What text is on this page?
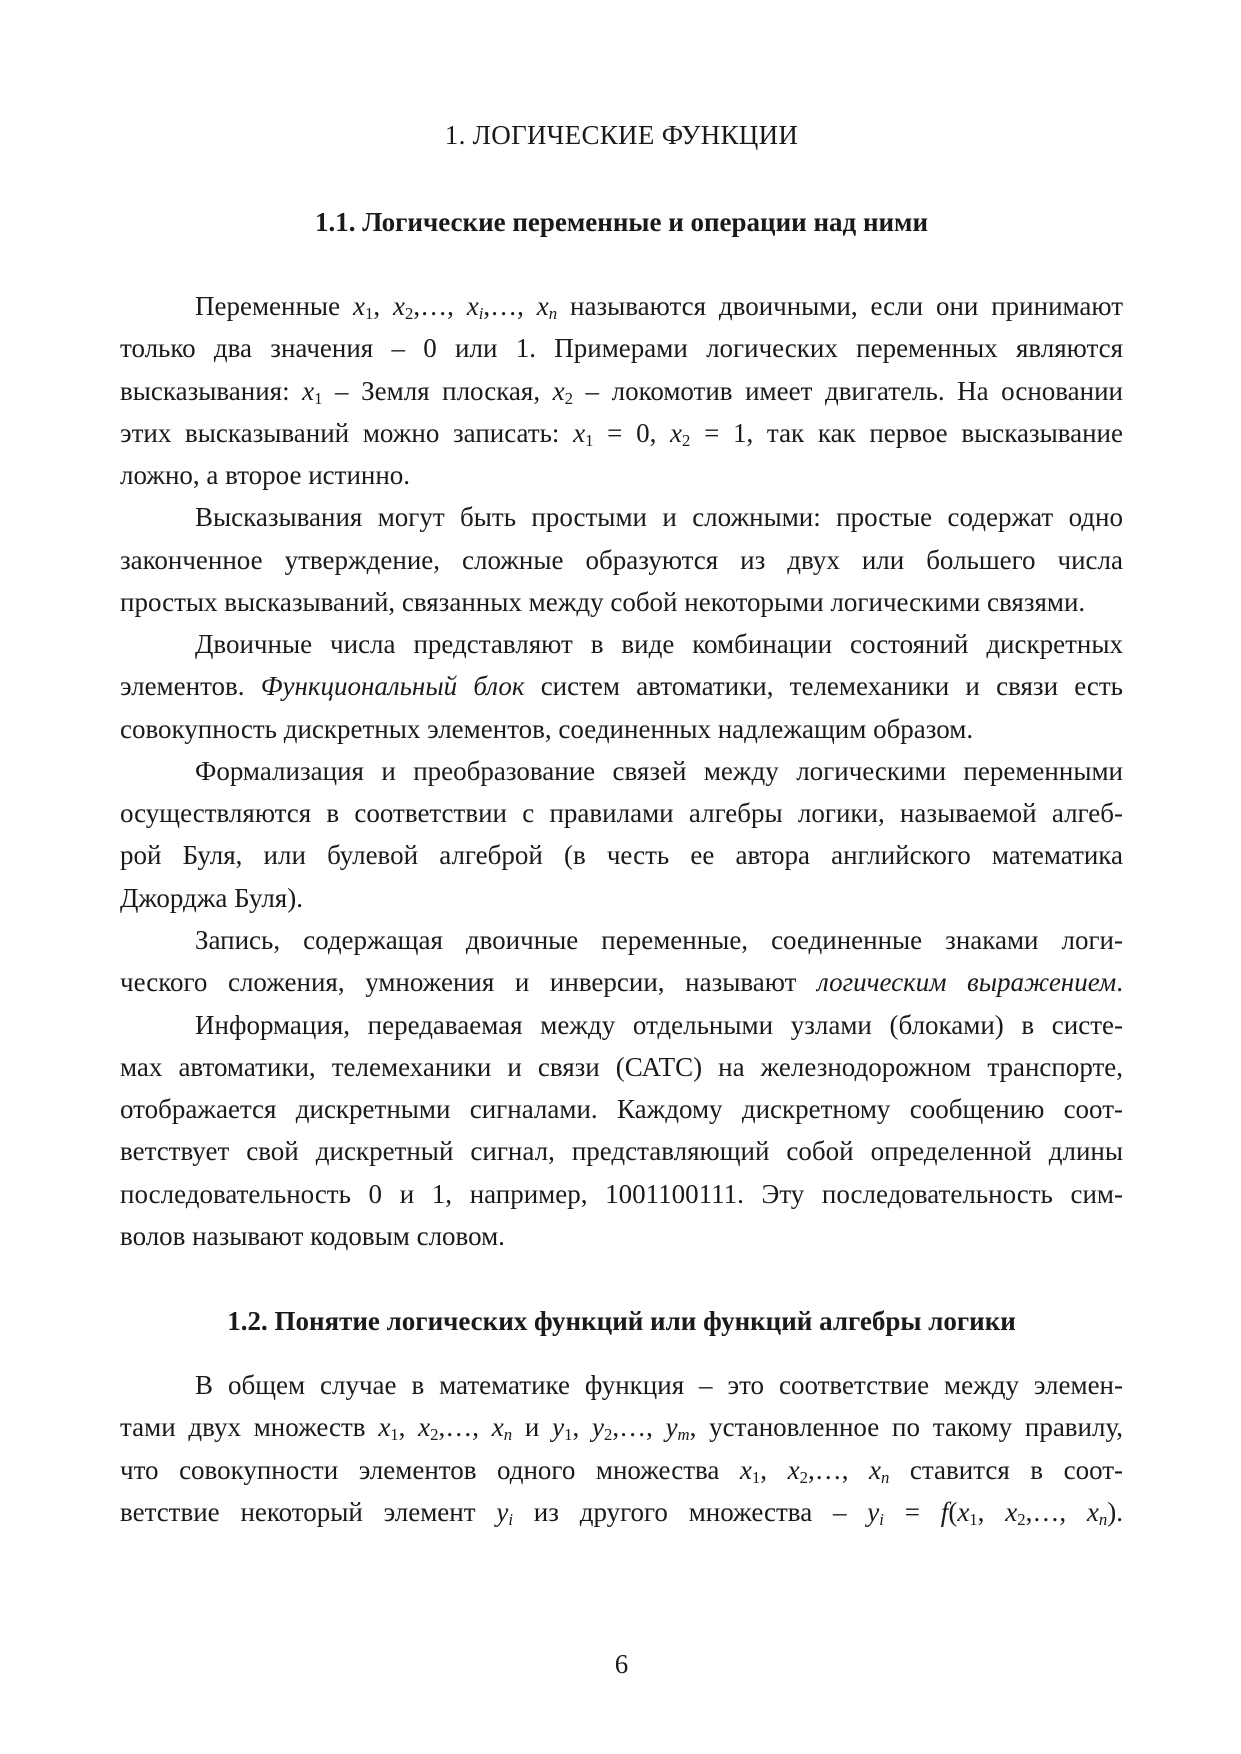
1. ЛОГИЧЕСКИЕ ФУНКЦИИ
1.1. Логические переменные и операции над ними
Переменные $x_1$, $x_2,\dots$, $x_i,\dots$, $x_n$ называются двоичными, если они принимают
только два значения – 0 или 1. Примерами логических переменных являются
высказывания: $x_1$ – Земля плоская, $x_2$ – локомотив имеет двигатель. На основании
этих высказываний можно записать: $x_1 = 0$, $x_2 = 1$, так как первое высказывание
ложно, а второе истинно.
Высказывания могут быть простыми и сложными: простые содержат одно
законченное утверждение, сложные образуются из двух или большего числа
простых высказываний, связанных между собой некоторыми логическими связями.
Двоичные числа представляют в виде комбинации состояний дискретных
элементов. Функциональный блок систем автоматики, телемеханики и связи есть
совокупность дискретных элементов, соединенных надлежащим образом.
Формализация и преобразование связей между логическими переменными
осуществляются в соответствии с правилами алгебры логики, называемой алгеб-
рой Буля, или булевой алгеброй (в честь ее автора английского математика
Джорджа Буля).
Запись, содержащая двоичные переменные, соединенные знаками логи-
ческого сложения, умножения и инверсии, называют логическим выражением.
Информация, передаваемая между отдельными узлами (блоками) в систе-
мах автоматики, телемеханики и связи (САТС) на железнодорожном транспорте,
отображается дискретными сигналами. Каждому дискретному сообщению соот-
ветствует свой дискретный сигнал, представляющий собой определенной длины
последовательность 0 и 1, например, 1001100111. Эту последовательность сим-
волов называют кодовым словом.
1.2. Понятие логических функций или функций алгебры логики
В общем случае в математике функция – это соответствие между элемен-
тами двух множеств $x_1$, $x_2,\dots$, $x_n$ и $y_1$, $y_2,\dots$, $y_m$, установленное по такому правилу,
что совокупности элементов одного множества $x_1$, $x_2,\dots$, $x_n$ ставится в соот-
ветствие некоторый элемент $y_i$ из другого множества – $y_i = f(x_1$, $x_2,\dots$, $x_n$).
6
